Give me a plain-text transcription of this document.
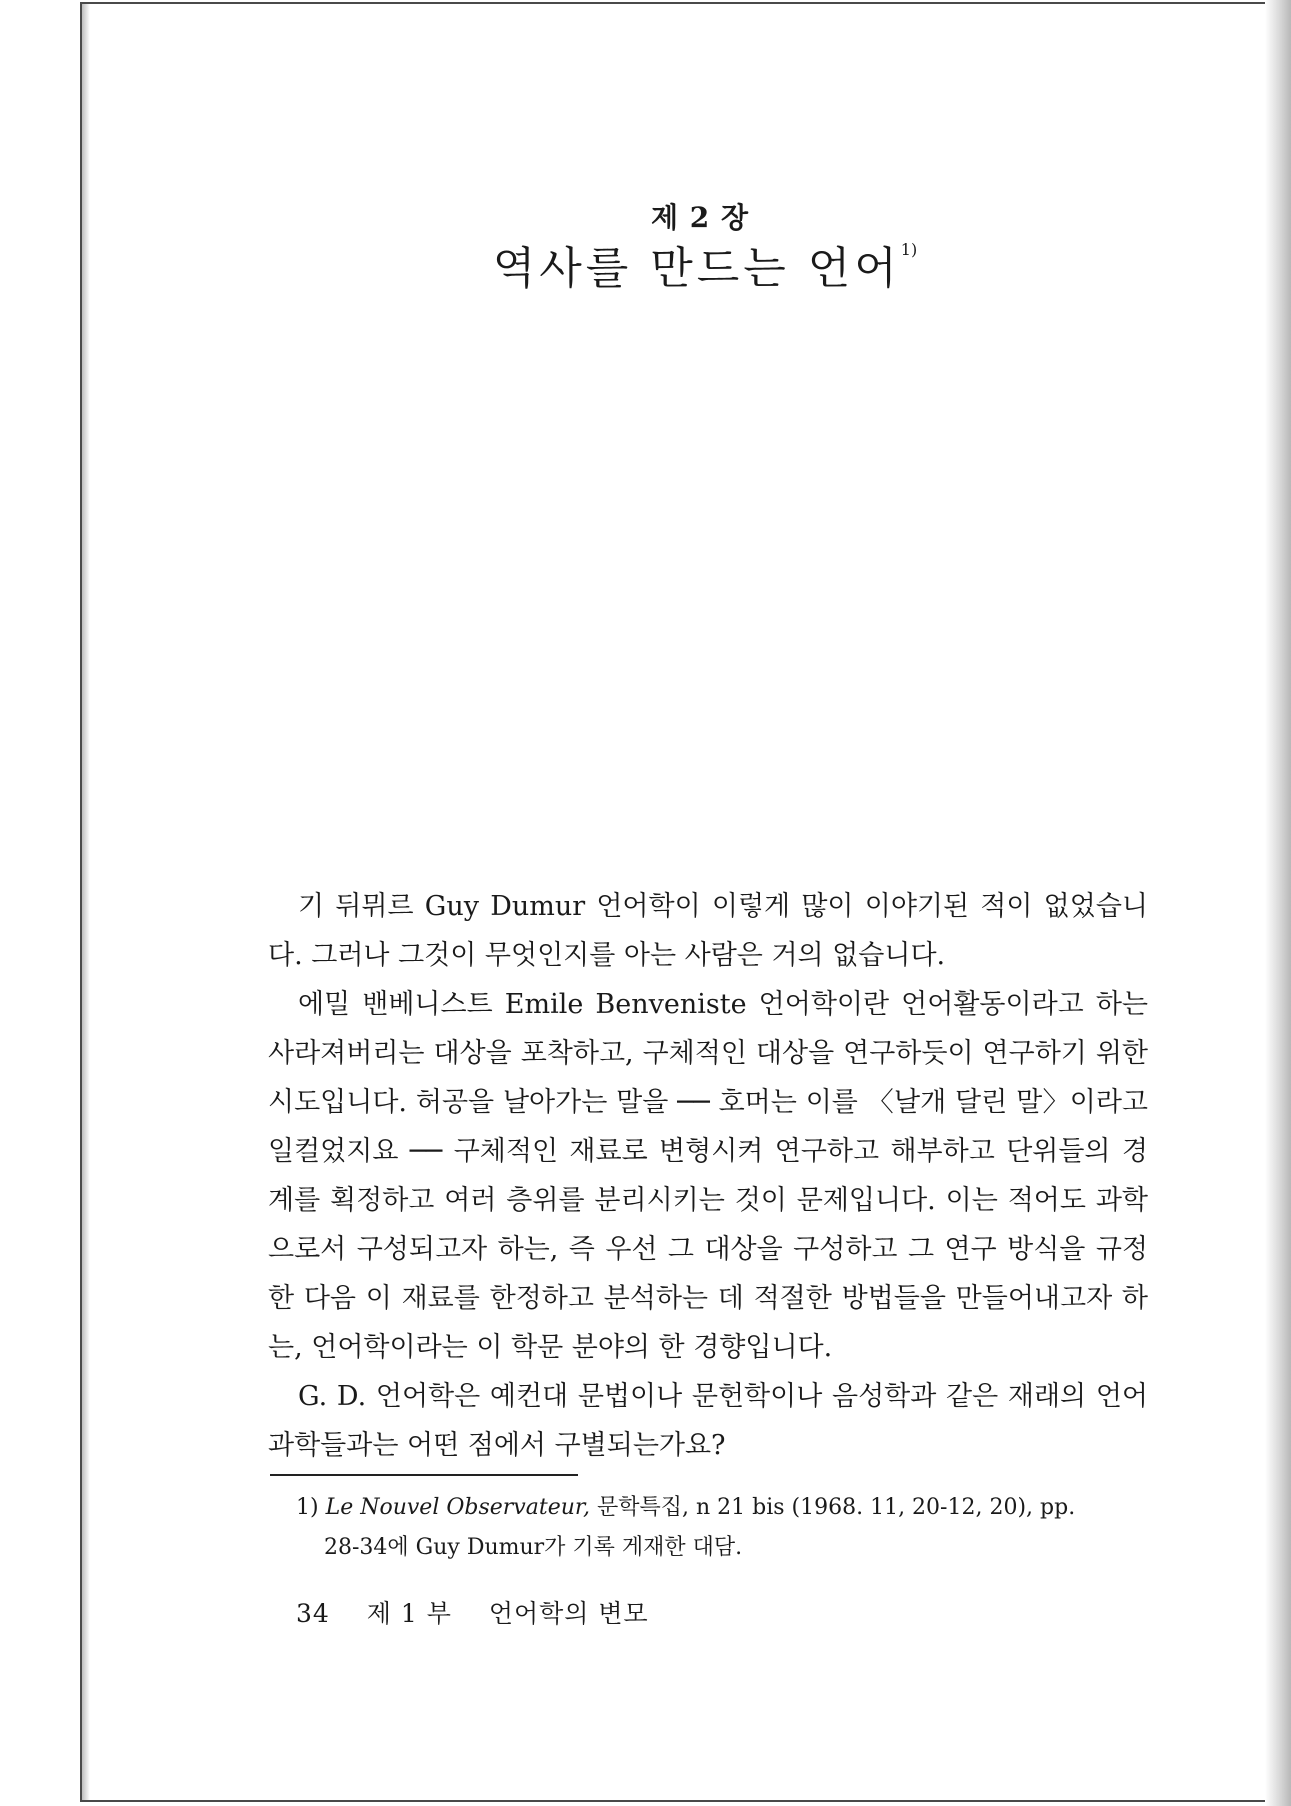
제 2 장
역사를 만드는 언어$^{1)}$

기 뒤뮈르 Guy Dumur 언어학이 이렇게 많이 이야기된 적이 없었습니다. 그러나 그것이 무엇인지를 아는 사람은 거의 없습니다.

에밀 밴베니스트 Emile Benveniste 언어학이란 언어활동이라고 하는 사라져버리는 대상을 포착하고, 구체적인 대상을 연구하듯이 연구하기 위한 시도입니다. 허공을 날아가는 말을 ── 호머는 이를 〈날개 달린 말〉이라고 일컬었지요 ── 구체적인 재료로 변형시켜 연구하고 해부하고 단위들의 경계를 획정하고 여러 층위를 분리시키는 것이 문제입니다. 이는 적어도 과학으로서 구성되고자 하는, 즉 우선 그 대상을 구성하고 그 연구 방식을 규정한 다음 이 재료를 한정하고 분석하는 데 적절한 방법들을 만들어내고자 하는, 언어학이라는 이 학문 분야의 한 경향입니다.

G. D. 언어학은 예컨대 문법이나 문헌학이나 음성학과 같은 재래의 언어과학들과는 어떤 점에서 구별되는가요?

1) Le Nouvel Observateur, 문학특집, n 21 bis (1968. 11, 20-12, 20), pp.
28-34에 Guy Dumur가 기록 게재한 대담.
34 제 1 부 언어학의 변모
